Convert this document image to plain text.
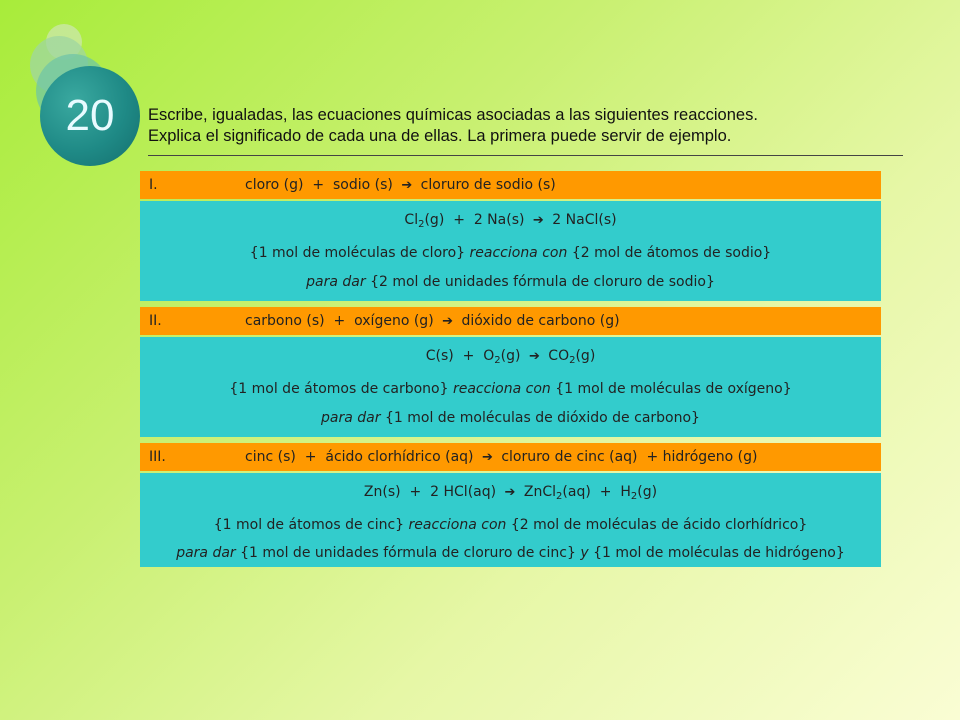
20 Escribe, igualadas, las ecuaciones químicas asociadas a las siguientes reacciones.
Explica el significado de cada una de ellas. La primera puede servir de ejemplo.
I.	cloro (g) + sodio (s) ➔ cloruro de sodio (s)
$Cl_2(g) + 2$ Na(s) ➔ 2 NaCl(s)
{1 mol de moléculas de cloro} reacciona con {2 mol de átomos de sodio}
para dar {2 mol de unidades fórmula de cloruro de sodio}
II.	carbono (s) + oxígeno (g) ➔ dióxido de carbono (g)
$C(s) + O_2(g)$ ➔ $CO_2(g)$
{1 mol de átomos de carbono} reacciona con {1 mol de moléculas de oxígeno}
para dar {1 mol de moléculas de dióxido de carbono}
III.	cinc (s) + ácido clorhídrico (aq) ➔ cloruro de cinc (aq) + hidrógeno (g)
Zn(s) + 2 HCl(aq) ➔ ZnCl$_2$(aq) + $H_2(g)$
{1 mol de átomos de cinc} reacciona con {2 mol de moléculas de ácido clorhídrico}
para dar {1 mol de unidades fórmula de cloruro de cinc} y {1 mol de moléculas de hidrógeno}
